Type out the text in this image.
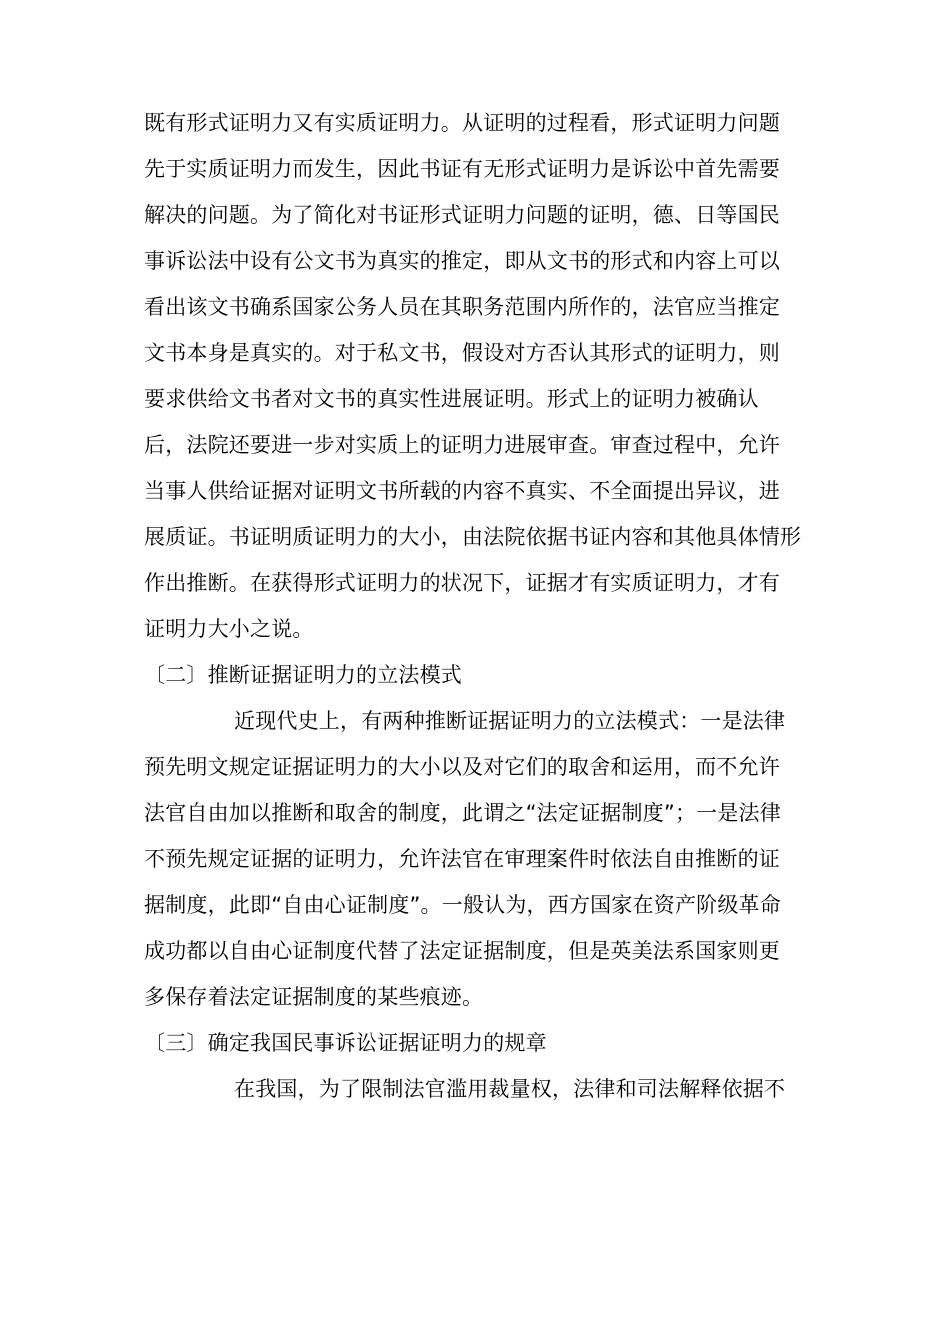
既有形式证明力又有实质证明力。从证明的过程看，形式证明力问题
先于实质证明力而发生，因此书证有无形式证明力是诉讼中首先需要
解决的问题。为了简化对书证形式证明力问题的证明，德、日等国民
事诉讼法中设有公文书为真实的推定，即从文书的形式和内容上可以
看出该文书确系国家公务人员在其职务范围内所作的，法官应当推定
文书本身是真实的。对于私文书，假设对方否认其形式的证明力，则
要求供给文书者对文书的真实性进展证明。形式上的证明力被确认
后，法院还要进一步对实质上的证明力进展审查。审查过程中，允许
当事人供给证据对证明文书所载的内容不真实、不全面提出异议，进
展质证。书证明质证明力的大小，由法院依据书证内容和其他具体情形
作出推断。在获得形式证明力的状况下，证据才有实质证明力，才有
证明力大小之说。
〔二〕推断证据证明力的立法模式
近现代史上，有两种推断证据证明力的立法模式：一是法律
预先明文规定证据证明力的大小以及对它们的取舍和运用，而不允许
法官自由加以推断和取舍的制度，此谓之“法定证据制度”；一是法律
不预先规定证据的证明力，允许法官在审理案件时依法自由推断的证
据制度，此即“自由心证制度”。一般认为，西方国家在资产阶级革命
成功都以自由心证制度代替了法定证据制度，但是英美法系国家则更
多保存着法定证据制度的某些痕迹。
〔三〕确定我国民事诉讼证据证明力的规章
在我国，为了限制法官滥用裁量权，法律和司法解释依据不
